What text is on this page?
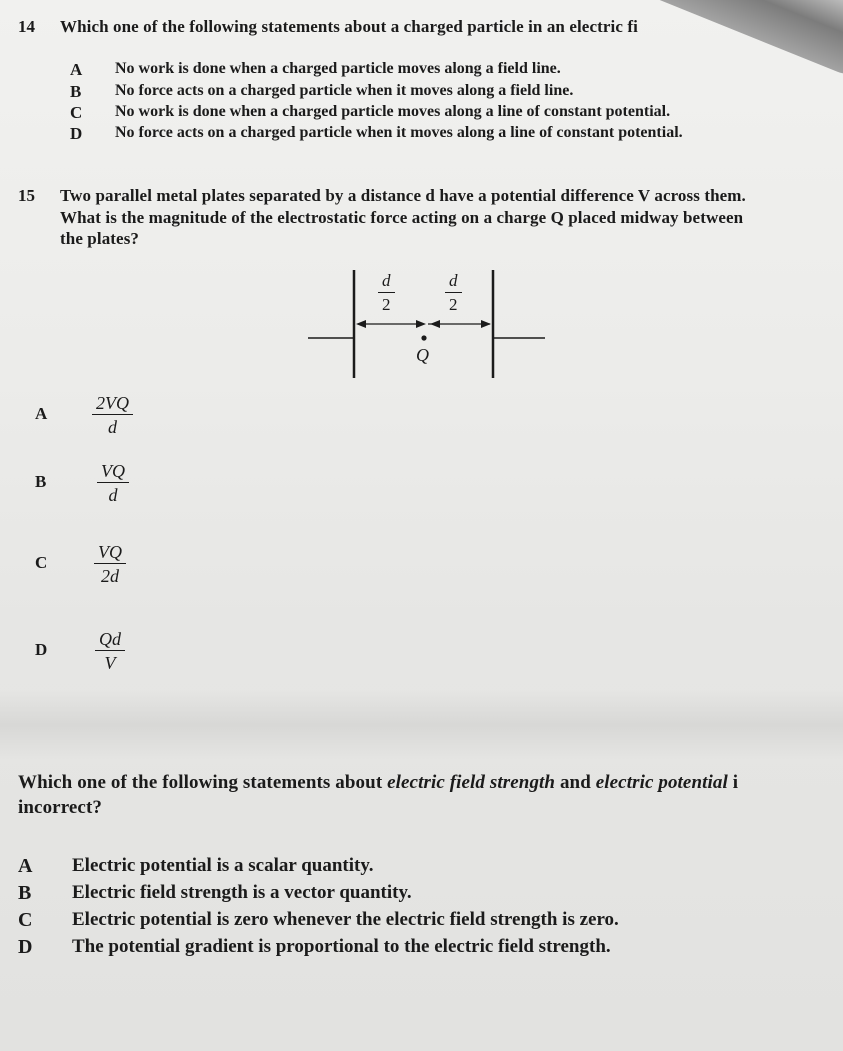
14 Which one of the following statements about a charged particle in an electric fi
A No work is done when a charged particle moves along a field line.
B No force acts on a charged particle when it moves along a field line.
C No work is done when a charged particle moves along a line of constant potential.
D No force acts on a charged particle when it moves along a line of constant potential.
15 Two parallel metal plates separated by a distance d have a potential difference V across them.
What is the magnitude of the electrostatic force acting on a charge Q placed midway between
the plates?
$\frac{d}{2}$	$\frac{d}{2}$
Q
A $\frac{2VQ}{d}$
B	$\frac{VQ}{d}$
C	$\frac{VQ}{2d}$
D	$\frac{Qd}{V}$
Which one of the following statements about electric field strength and electric potential i
incorrect?
A Electric potential is a scalar quantity.
B Electric field strength is a vector quantity.
C Electric potential is zero whenever the electric field strength is zero.
D The potential gradient is proportional to the electric field strength.
